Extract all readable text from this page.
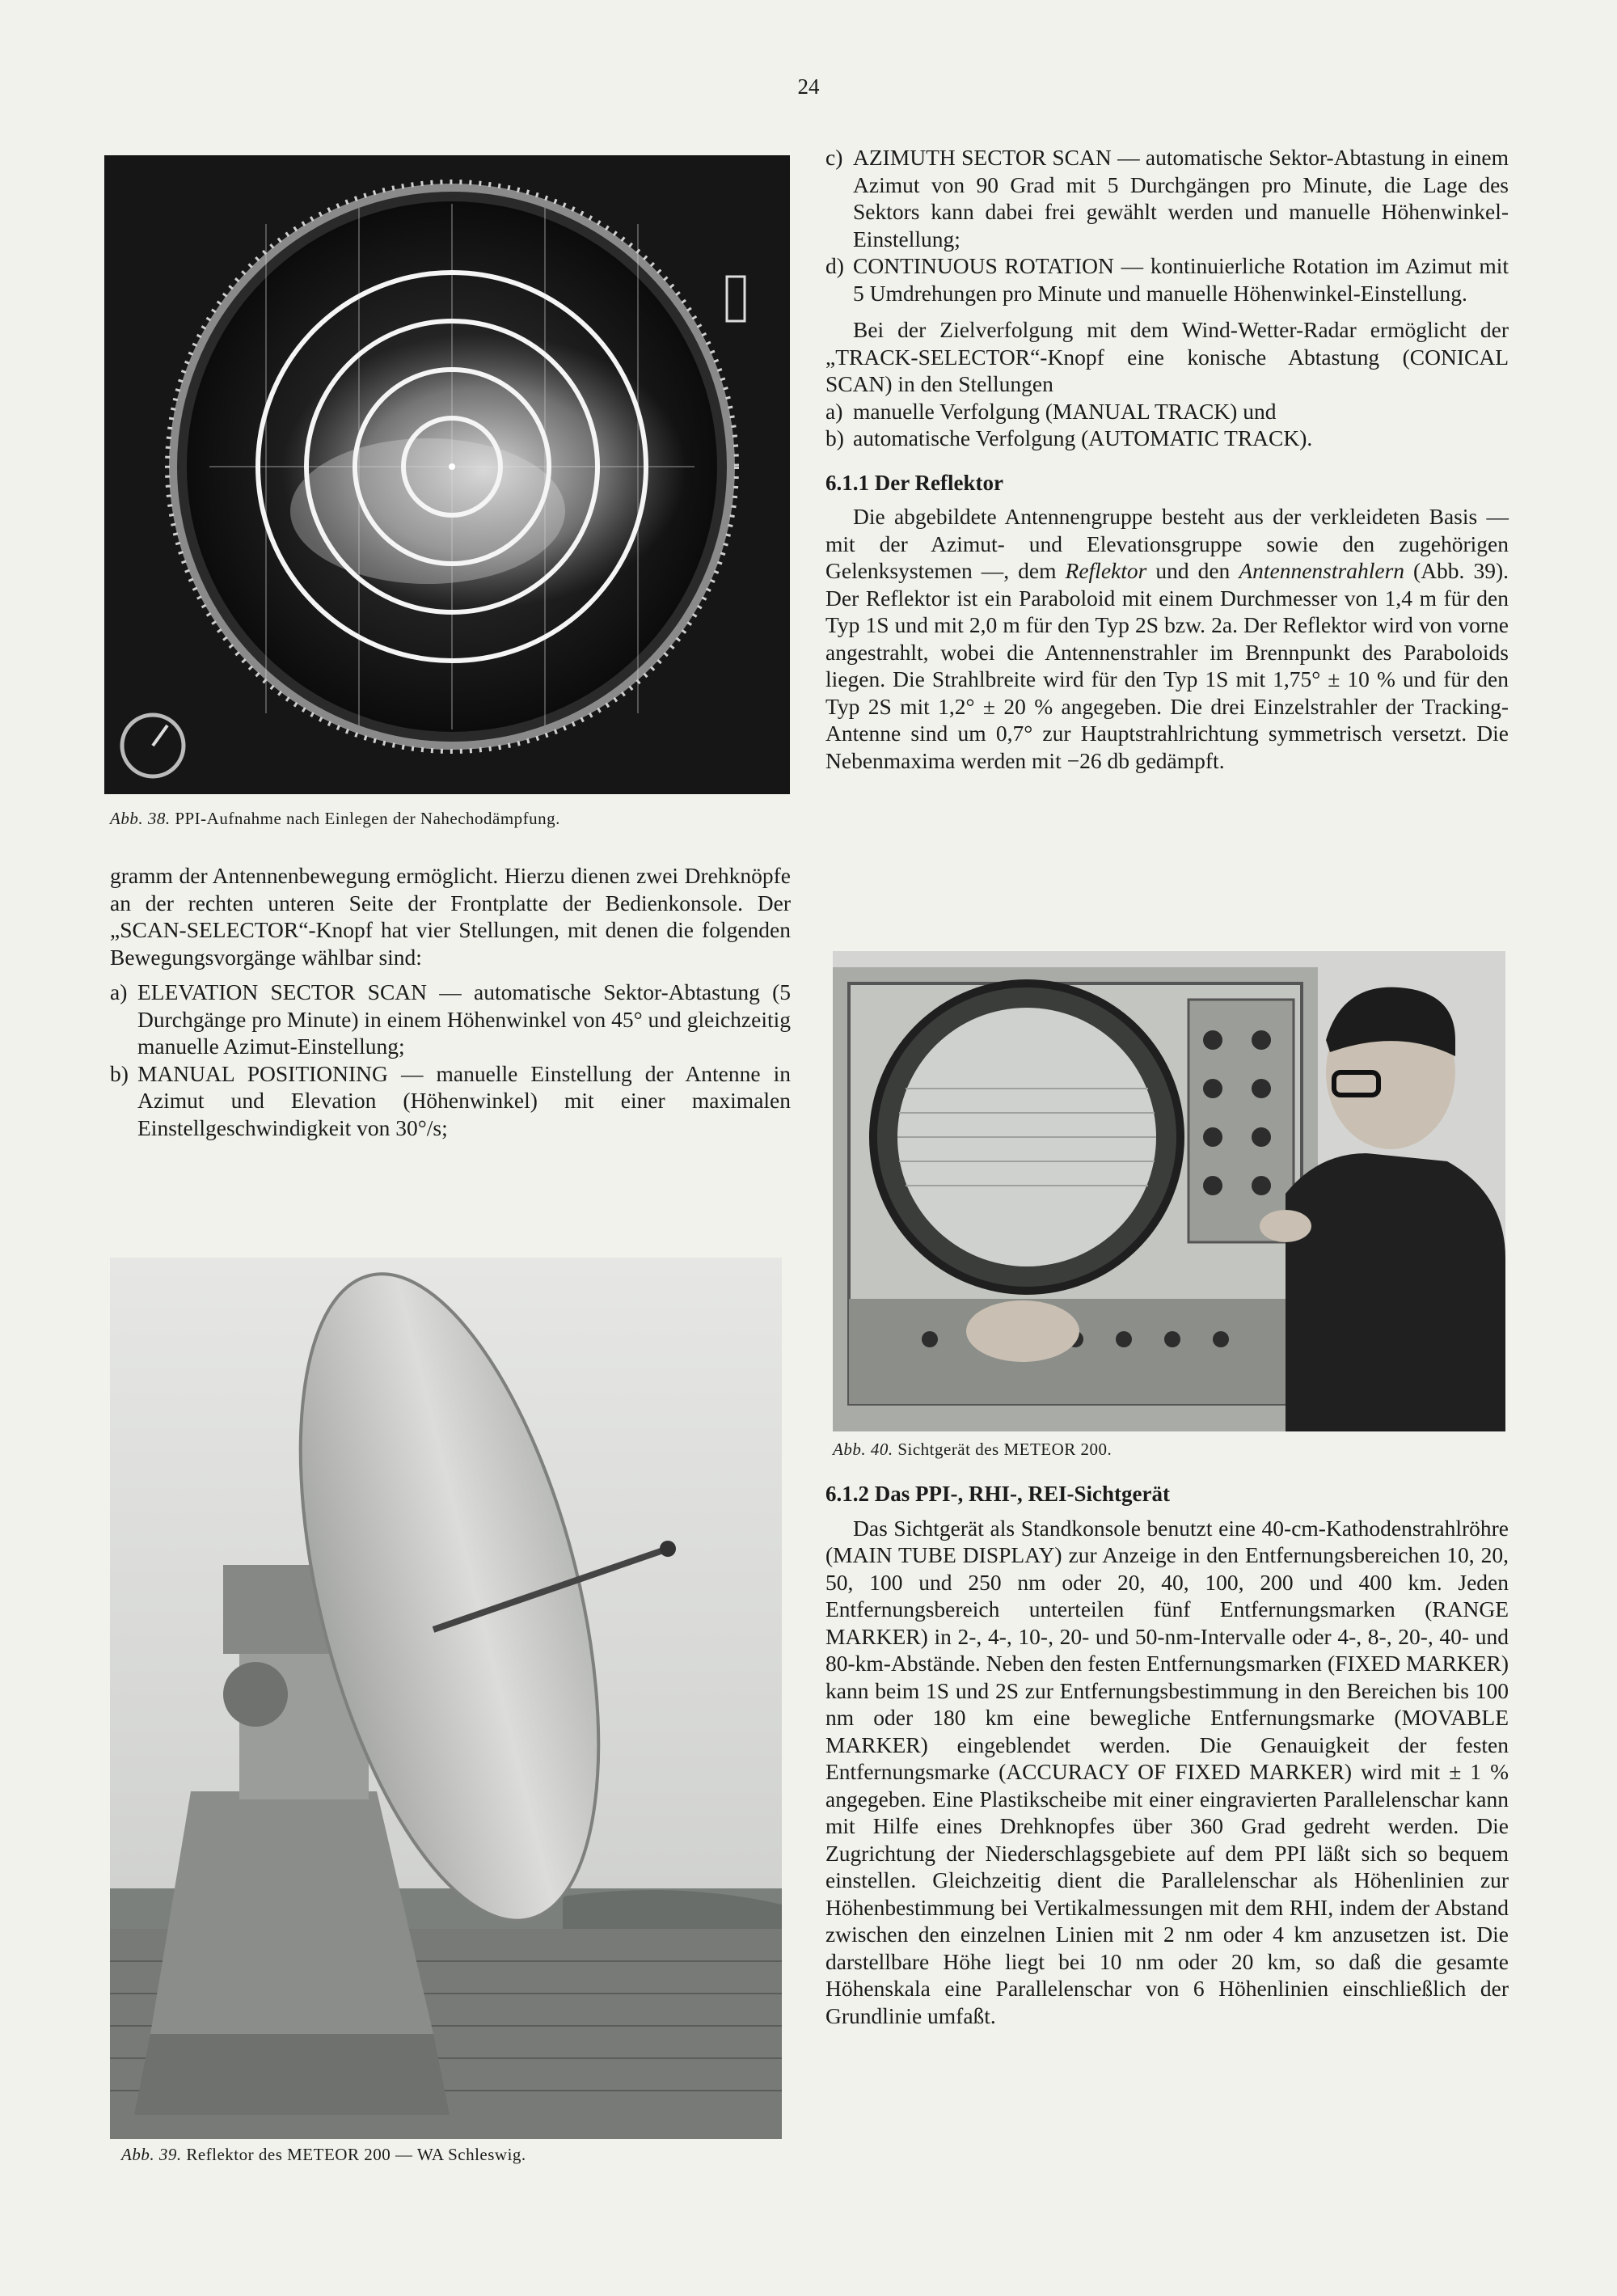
24
Abb. 38. PPI-Aufnahme nach Einlegen der Nahechodämpfung.

gramm der Antennenbewegung ermöglicht. Hierzu dienen zwei Drehknöpfe an der rechten unteren Seite der Frontplatte der Bedienkonsole. Der „SCAN-SELECTOR“-Knopf hat vier Stellungen, mit denen die folgenden Bewegungsvorgänge wählbar sind:

a) ELEVATION SECTOR SCAN — automatische Sektor-Abtastung (5 Durchgänge pro Minute) in einem Höhenwinkel von 45° und gleichzeitig manuelle Azimut-Einstellung;
b) MANUAL POSITIONING — manuelle Einstellung der Antenne in Azimut und Elevation (Höhenwinkel) mit einer maximalen Einstellgeschwindigkeit von 30°/s;
Abb. 39. Reflektor des METEOR 200 — WA Schleswig.
c) AZIMUTH SECTOR SCAN — automatische Sektor-Abtastung in einem Azimut von 90 Grad mit 5 Durchgängen pro Minute, die Lage des Sektors kann dabei frei gewählt werden und manuelle Höhenwinkel-Einstellung;
d) CONTINUOUS ROTATION — kontinuierliche Rotation im Azimut mit 5 Umdrehungen pro Minute und manuelle Höhenwinkel-Einstellung.

Bei der Zielverfolgung mit dem Wind-Wetter-Radar ermöglicht der „TRACK-SELECTOR“-Knopf eine konische Abtastung (CONICAL SCAN) in den Stellungen

a) manuelle Verfolgung (MANUAL TRACK) und
b) automatische Verfolgung (AUTOMATIC TRACK).
6.1.1 Der Reflektor

Die abgebildete Antennengruppe besteht aus der verkleideten Basis — mit der Azimut- und Elevationsgruppe sowie den zugehörigen Gelenksystemen —, dem Reflektor und den Antennenstrahlern (Abb. 39). Der Reflektor ist ein Paraboloid mit einem Durchmesser von 1,4 m für den Typ 1S und mit 2,0 m für den Typ 2S bzw. 2a. Der Reflektor wird von vorne angestrahlt, wobei die Antennenstrahler im Brennpunkt des Paraboloids liegen. Die Strahlbreite wird für den Typ 1S mit 1,75° ± 10 % und für den Typ 2S mit 1,2° ± 20 % angegeben. Die drei Einzelstrahler der Tracking-Antenne sind um 0,7° zur Hauptstrahlrichtung symmetrisch versetzt. Die Nebenmaxima werden mit −26 db gedämpft.

Abb. 40. Sichtgerät des METEOR 200.
6.1.2 Das PPI-, RHI-, REI-Sichtgerät

Das Sichtgerät als Standkonsole benutzt eine 40-cm-Kathodenstrahlröhre (MAIN TUBE DISPLAY) zur Anzeige in den Entfernungsbereichen 10, 20, 50, 100 und 250 nm oder 20, 40, 100, 200 und 400 km. Jeden Entfernungsbereich unterteilen fünf Entfernungsmarken (RANGE MARKER) in 2-, 4-, 10-, 20- und 50-nm-Intervalle oder 4-, 8-, 20-, 40- und 80-km-Abstände. Neben den festen Entfernungsmarken (FIXED MARKER) kann beim 1S und 2S zur Entfernungsbestimmung in den Bereichen bis 100 nm oder 180 km eine bewegliche Entfernungsmarke (MOVABLE MARKER) eingeblendet werden. Die Genauigkeit der festen Entfernungsmarke (ACCURACY OF FIXED MARKER) wird mit ± 1 % angegeben. Eine Plastikscheibe mit einer eingravierten Parallelenschar kann mit Hilfe eines Drehknopfes über 360 Grad gedreht werden. Die Zugrichtung der Niederschlagsgebiete auf dem PPI läßt sich so bequem einstellen. Gleichzeitig dient die Parallelenschar als Höhenlinien zur Höhenbestimmung bei Vertikalmessungen mit dem RHI, indem der Abstand zwischen den einzelnen Linien mit 2 nm oder 4 km anzusetzen ist. Die darstellbare Höhe liegt bei 10 nm oder 20 km, so daß die gesamte Höhenskala eine Parallelenschar von 6 Höhenlinien einschließlich der Grundlinie umfaßt.
